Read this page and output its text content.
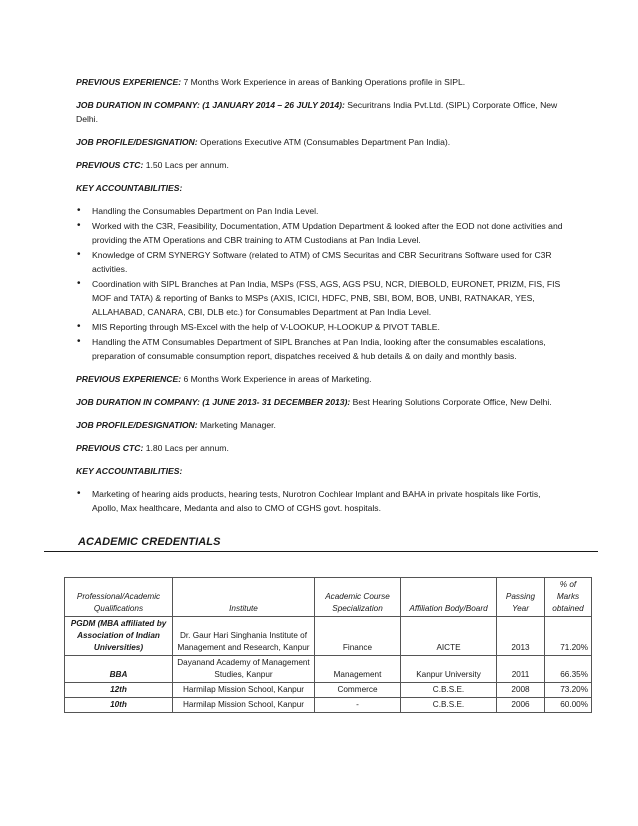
PREVIOUS EXPERIENCE: 7 Months Work Experience in areas of Banking Operations profile in SIPL.

JOB DURATION IN COMPANY: (1 JANUARY 2014 – 26 JULY 2014): Securitrans India Pvt.Ltd. (SIPL) Corporate Office, New Delhi.

JOB PROFILE/DESIGNATION: Operations Executive ATM (Consumables Department Pan India).

PREVIOUS CTC: 1.50 Lacs per annum.

KEY ACCOUNTABILITIES:

• Handling the Consumables Department on Pan India Level.
• Worked with the C3R, Feasibility, Documentation, ATM Updation Department & looked after the EOD not done activities and providing the ATM Operations and CBR training to ATM Custodians at Pan India Level.
• Knowledge of CRM SYNERGY Software (related to ATM) of CMS Securitas and CBR Securitrans Software used for C3R activities.
• Coordination with SIPL Branches at Pan India, MSPs (FSS, AGS, AGS PSU, NCR, DIEBOLD, EURONET, PRIZM, FIS, FIS MOF and TATA) & reporting of Banks to MSPs (AXIS, ICICI, HDFC, PNB, SBI, BOM, BOB, UNBI, RATNAKAR, YES, ALLAHABAD, CANARA, CBI, DLB etc.) for Consumables Department at Pan India Level.
• MIS Reporting through MS-Excel with the help of V-LOOKUP, H-LOOKUP & PIVOT TABLE.
• Handling the ATM Consumables Department of SIPL Branches at Pan India, looking after the consumables escalations, preparation of consumable consumption report, dispatches received & hub details & on daily and monthly basis.

PREVIOUS EXPERIENCE: 6 Months Work Experience in areas of Marketing.

JOB DURATION IN COMPANY: (1 JUNE 2013- 31 DECEMBER 2013): Best Hearing Solutions Corporate Office, New Delhi.

JOB PROFILE/DESIGNATION: Marketing Manager.

PREVIOUS CTC: 1.80 Lacs per annum.

KEY ACCOUNTABILITIES:

• Marketing of hearing aids products, hearing tests, Nurotron Cochlear Implant and BAHA in private hospitals like Fortis, Apollo, Max healthcare, Medanta and also to CMO of CGHS govt. hospitals.
ACADEMIC CREDENTIALS
Professional/Academic Qualifications	Institute	Academic Course Specialization	Affiliation Body/Board	Passing Year	% of Marks obtained
PGDM (MBA affiliated by Association of Indian Universities)	Dr. Gaur Hari Singhania Institute of Management and Research, Kanpur	Finance	AICTE	2013	71.20%
BBA	Dayanand Academy of Management Studies, Kanpur	Management	Kanpur University	2011	66.35%
12th	Harmilap Mission School, Kanpur	Commerce	C.B.S.E.	2008	73.20%
10th	Harmilap Mission School, Kanpur	-	C.B.S.E.	2006	60.00%
